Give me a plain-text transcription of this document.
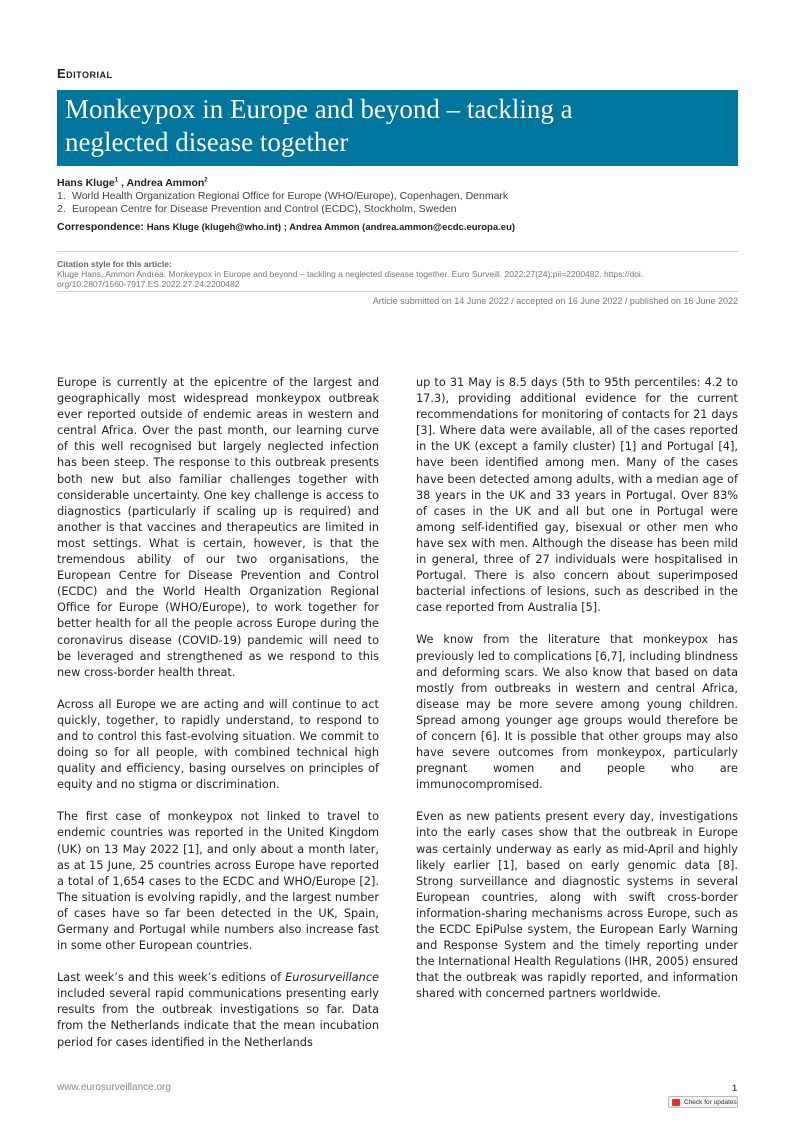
Editorial
Monkeypox in Europe and beyond – tackling a
neglected disease together
Hans Kluge$^1$ , Andrea Ammon$^2$
1. World Health Organization Regional Office for Europe (WHO/Europe), Copenhagen, Denmark
2. European Centre for Disease Prevention and Control (ECDC), Stockholm, Sweden
Correspondence: Hans Kluge (klugeh@who.int) ; Andrea Ammon (andrea.ammon@ecdc.europa.eu)
Citation style for this article:
Kluge Hans, Ammon Andrea. Monkeypox in Europe and beyond – tackling a neglected disease together. Euro Surveill. 2022;27(24):pii=2200482. https://doi.
org/10.2807/1560-7917.ES.2022.27.24.2200482
Article submitted on 14 June 2022 / accepted on 16 June 2022 / published on 16 June 2022

Europe is currently at the epicentre of the largest and geographically most widespread monkeypox outbreak ever reported outside of endemic areas in western and central Africa. Over the past month, our learning curve of this well recognised but largely neglected infection has been steep. The response to this outbreak presents both new but also familiar challenges together with considerable uncertainty. One key challenge is access to diagnostics (particularly if scaling up is required) and another is that vaccines and therapeutics are limited in most settings. What is certain, however, is that the tremendous ability of our two organisations, the European Centre for Disease Prevention and Control (ECDC) and the World Health Organization Regional Office for Europe (WHO/Europe), to work together for better health for all the people across Europe during the coronavirus disease (COVID-19) pandemic will need to be leveraged and strengthened as we respond to this new cross-border health threat.

Across all Europe we are acting and will continue to act quickly, together, to rapidly understand, to respond to and to control this fast-evolving situation. We commit to doing so for all people, with combined technical high quality and efficiency, basing ourselves on principles of equity and no stigma or discrimination.

The first case of monkeypox not linked to travel to endemic countries was reported in the United Kingdom (UK) on 13 May 2022 [1], and only about a month later, as at 15 June, 25 countries across Europe have reported a total of 1,654 cases to the ECDC and WHO/Europe [2]. The situation is evolving rapidly, and the largest number of cases have so far been detected in the UK, Spain, Germany and Portugal while numbers also increase fast in some other European countries.

Last week’s and this week’s editions of Eurosurveillance included several rapid communications presenting early results from the outbreak investigations so far. Data from the Netherlands indicate that the mean incubation period for cases identified in the Netherlands

up to 31 May is 8.5 days (5th to 95th percentiles: 4.2 to 17.3), providing additional evidence for the current recommendations for monitoring of contacts for 21 days [3]. Where data were available, all of the cases reported in the UK (except a family cluster) [1] and Portugal [4], have been identified among men. Many of the cases have been detected among adults, with a median age of 38 years in the UK and 33 years in Portugal. Over 83% of cases in the UK and all but one in Portugal were among self-identified gay, bisexual or other men who have sex with men. Although the disease has been mild in general, three of 27 individuals were hospitalised in Portugal. There is also concern about superimposed bacterial infections of lesions, such as described in the case reported from Australia [5].

We know from the literature that monkeypox has previously led to complications [6,7], including blindness and deforming scars. We also know that based on data mostly from outbreaks in western and central Africa, disease may be more severe among young children. Spread among younger age groups would therefore be of concern [6]. It is possible that other groups may also have severe outcomes from monkeypox, particularly pregnant women and people who are immunocompromised.

Even as new patients present every day, investigations into the early cases show that the outbreak in Europe was certainly underway as early as mid-April and highly likely earlier [1], based on early genomic data [8]. Strong surveillance and diagnostic systems in several European countries, along with swift cross-border information-sharing mechanisms across Europe, such as the ECDC EpiPulse system, the European Early Warning and Response System and the timely reporting under the International Health Regulations (IHR, 2005) ensured that the outbreak was rapidly reported, and information shared with concerned partners worldwide.

www.eurosurveillance.org	1
Check for updates
